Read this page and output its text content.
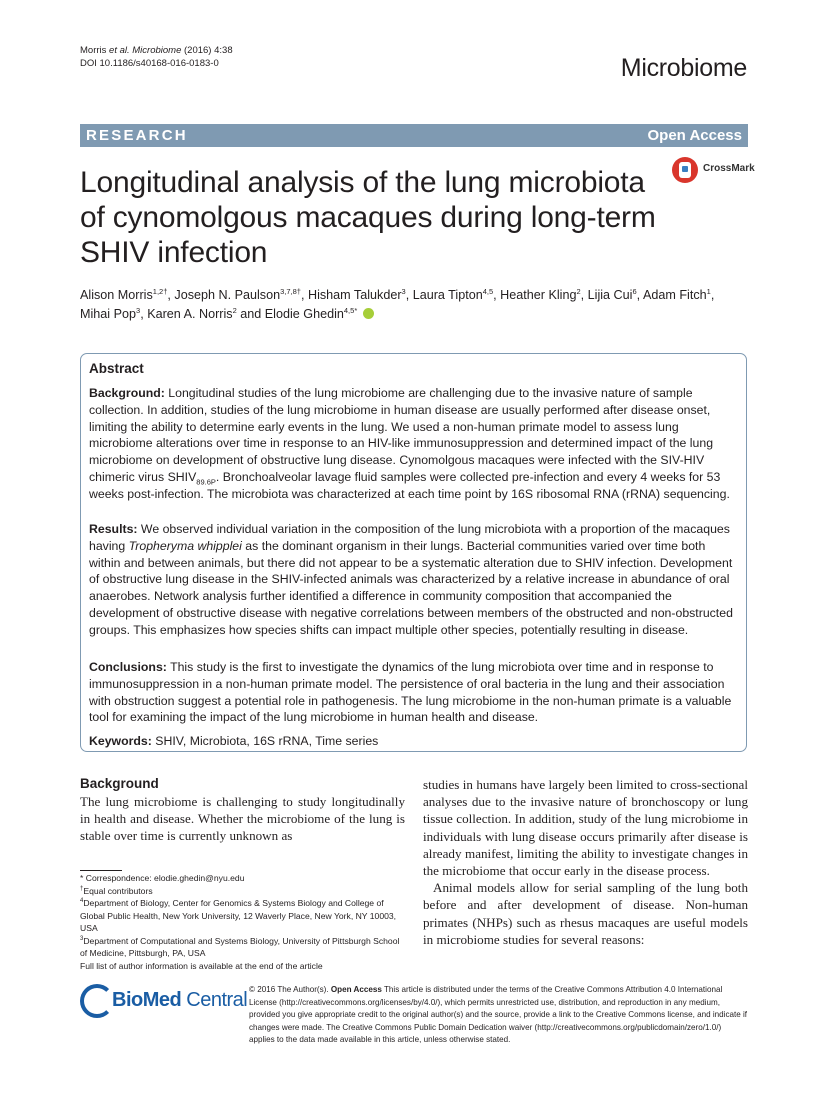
Morris et al. Microbiome (2016) 4:38
DOI 10.1186/s40168-016-0183-0	Microbiome
RESEARCH	Open Access
CrossMark
Longitudinal analysis of the lung microbiota of cynomolgous macaques during long-term SHIV infection
Alison Morris$^{1,2\dagger}$, Joseph N. Paulson$^{3,7,8\dagger}$, Hisham Talukder$^3$, Laura Tipton$^{4,5}$, Heather Kling$^2$, Lijia Cui$^6$, Adam Fitch$^1$,
Mihai Pop$^3$, Karen A. Norris$^2$ and Elodie Ghedin$^{4,5*}$
Abstract
Background: Longitudinal studies of the lung microbiome are challenging due to the invasive nature of sample collection. In addition, studies of the lung microbiome in human disease are usually performed after disease onset, limiting the ability to determine early events in the lung. We used a non-human primate model to assess lung microbiome alterations over time in response to an HIV-like immunosuppression and determined impact of the lung microbiome on development of obstructive lung disease. Cynomolgous macaques were infected with the SIV-HIV chimeric virus $SHIV_{89.6P}$. Bronchoalveolar lavage fluid samples were collected pre-infection and every 4 weeks for 53 weeks post-infection. The microbiota was characterized at each time point by 16S ribosomal RNA (rRNA) sequencing.
Results: We observed individual variation in the composition of the lung microbiota with a proportion of the macaques having Tropheryma whipplei as the dominant organism in their lungs. Bacterial communities varied over time both within and between animals, but there did not appear to be a systematic alteration due to SHIV infection. Development of obstructive lung disease in the SHIV-infected animals was characterized by a relative increase in abundance of oral anaerobes. Network analysis further identified a difference in community composition that accompanied the development of obstructive disease with negative correlations between members of the obstructed and non-obstructed groups. This emphasizes how species shifts can impact multiple other species, potentially resulting in disease.
Conclusions: This study is the first to investigate the dynamics of the lung microbiota over time and in response to immunosuppression in a non-human primate model. The persistence of oral bacteria in the lung and their association with obstruction suggest a potential role in pathogenesis. The lung microbiome in the non-human primate is a valuable tool for examining the impact of the lung microbiome in human health and disease.
Keywords: SHIV, Microbiota, 16S rRNA, Time series
Background
The lung microbiome is challenging to study longitudinally in health and disease. Whether the microbiome of the lung is stable over time is currently unknown as

studies in humans have largely been limited to cross-sectional analyses due to the invasive nature of bronchoscopy or lung tissue collection. In addition, study of the lung microbiome in individuals with lung disease occurs primarily after disease is already manifest, limiting the ability to investigate changes in the microbiome that occur early in the disease process.

Animal models allow for serial sampling of the lung both before and after development of disease. Non-human primates (NHPs) such as rhesus macaques are useful models in microbiome studies for several reasons:

* Correspondence: elodie.ghedin@nyu.edu

†Equal contributors

$^4$Department of Biology, Center for Genomics & Systems Biology and College of Global Public Health, New York University, 12 Waverly Place, New York, NY 10003, USA

$^3$Department of Computational and Systems Biology, University of Pittsburgh School of Medicine, Pittsburgh, PA, USA

Full list of author information is available at the end of the article

BioMed Central © 2016 The Author(s). Open Access This article is distributed under the terms of the Creative Commons Attribution 4.0 International License (http://creativecommons.org/licenses/by/4.0/), which permits unrestricted use, distribution, and reproduction in any medium, provided you give appropriate credit to the original author(s) and the source, provide a link to the Creative Commons license, and indicate if changes were made. The Creative Commons Public Domain Dedication waiver (http://creativecommons.org/publicdomain/zero/1.0/) applies to the data made available in this article, unless otherwise stated.
